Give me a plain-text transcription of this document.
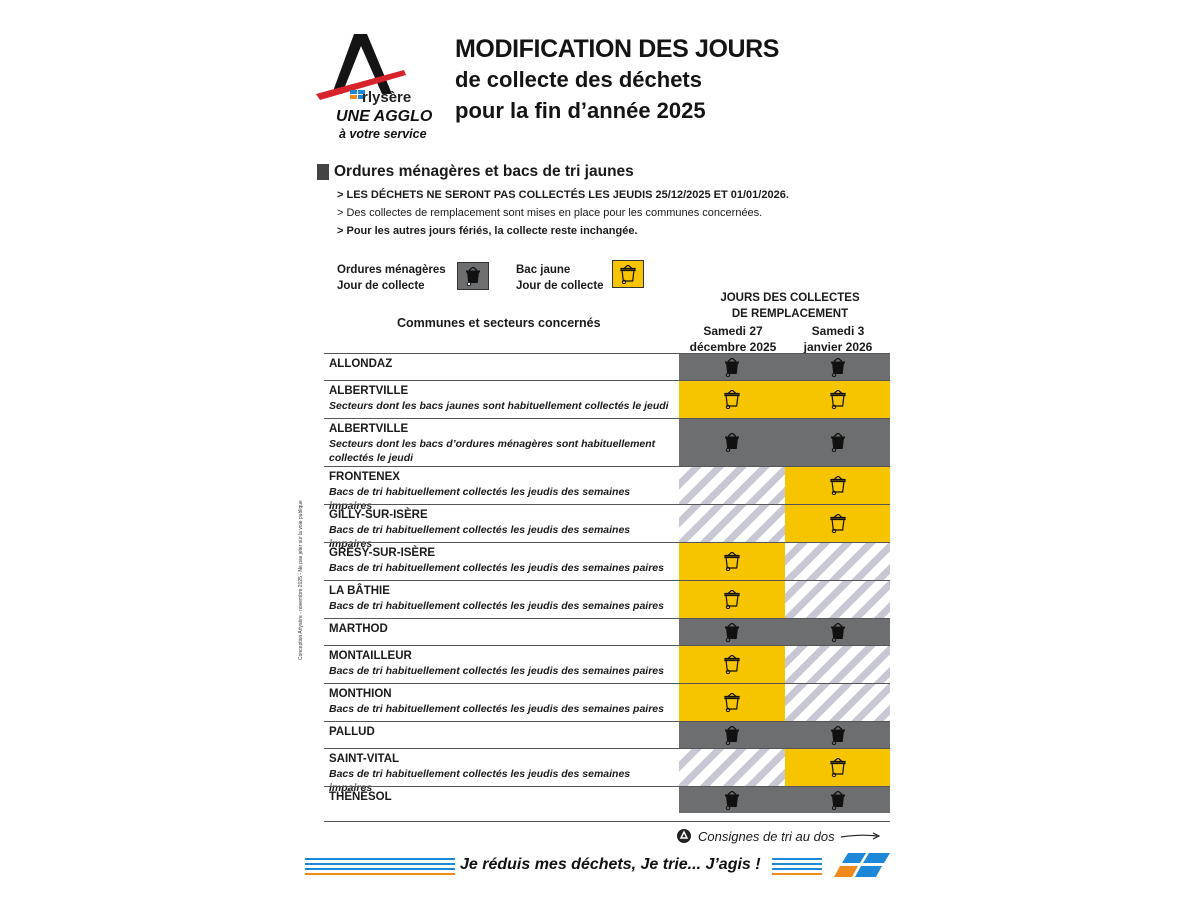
rlysère
UNE AGGLO
à votre service
MODIFICATION DES JOURS
de collecte des déchets
pour la fin d’année 2025
Ordures ménagères et bacs de tri jaunes
> LES DÉCHETS NE SERONT PAS COLLECTÉS LES JEUDIS 25/12/2025 ET 01/01/2026.
> Des collectes de remplacement sont mises en place pour les communes concernées.
> Pour les autres jours fériés, la collecte reste inchangée.
Ordures ménagères
Jour de collecte
Bac jaune
Jour de collecte
Communes et secteurs concernés
JOURS DES COLLECTES
DE REMPLACEMENT
Samedi 27
décembre 2025
Samedi 3
janvier 2026
ALLONDAZ
ALBERTVILLE
Secteurs dont les bacs jaunes sont habituellement collectés le jeudi
ALBERTVILLE
Secteurs dont les bacs d’ordures ménagères sont habituellement collectés le jeudi
FRONTENEX
Bacs de tri habituellement collectés les jeudis des semaines impaires
GILLY-SUR-ISÈRE
Bacs de tri habituellement collectés les jeudis des semaines impaires
GRÉSY-SUR-ISÈRE
Bacs de tri habituellement collectés les jeudis des semaines paires
LA BÂTHIE
Bacs de tri habituellement collectés les jeudis des semaines paires
MARTHOD
MONTAILLEUR
Bacs de tri habituellement collectés les jeudis des semaines paires
MONTHION
Bacs de tri habituellement collectés les jeudis des semaines paires
PALLUD
SAINT-VITAL
Bacs de tri habituellement collectés les jeudis des semaines impaires
THÉNÉSOL
Consignes de tri au dos
Conception Arlysère - novembre 2025 - Ne pas jeter sur la voie publique
Je réduis mes déchets, Je trie... J’agis !
